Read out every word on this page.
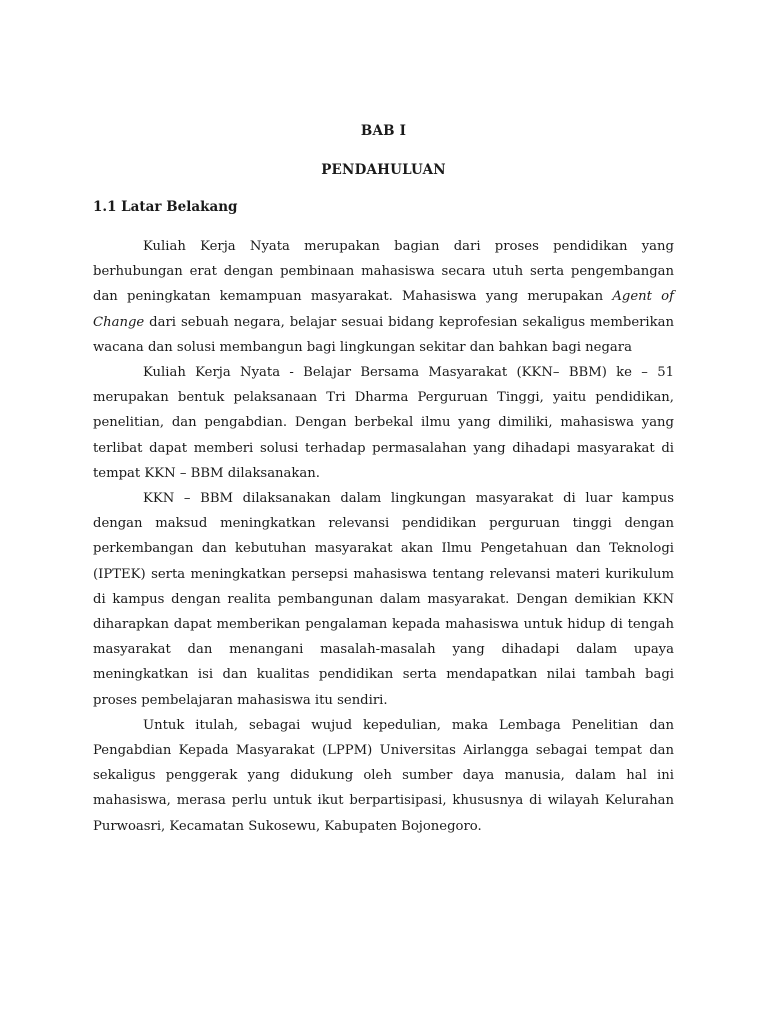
BAB I

PENDAHULUAN

1.1 Latar Belakang

Kuliah Kerja Nyata merupakan bagian dari proses pendidikan yang berhubungan erat dengan pembinaan mahasiswa secara utuh serta pengembangan dan peningkatan kemampuan masyarakat. Mahasiswa yang merupakan Agent of Change dari sebuah negara, belajar sesuai bidang keprofesian sekaligus memberikan wacana dan solusi membangun bagi lingkungan sekitar dan bahkan bagi negara

Kuliah Kerja Nyata - Belajar Bersama Masyarakat (KKN– BBM) ke – 51 merupakan bentuk pelaksanaan Tri Dharma Perguruan Tinggi, yaitu pendidikan, penelitian, dan pengabdian. Dengan berbekal ilmu yang dimiliki, mahasiswa yang terlibat dapat memberi solusi terhadap permasalahan yang dihadapi masyarakat di tempat KKN – BBM dilaksanakan.

KKN – BBM dilaksanakan dalam lingkungan masyarakat di luar kampus dengan maksud meningkatkan relevansi pendidikan perguruan tinggi dengan perkembangan dan kebutuhan masyarakat akan Ilmu Pengetahuan dan Teknologi (IPTEK) serta meningkatkan persepsi mahasiswa tentang relevansi materi kurikulum di kampus dengan realita pembangunan dalam masyarakat. Dengan demikian KKN diharapkan dapat memberikan pengalaman kepada mahasiswa untuk hidup di tengah masyarakat dan menangani masalah-masalah yang dihadapi dalam upaya meningkatkan isi dan kualitas pendidikan serta mendapatkan nilai tambah bagi proses pembelajaran mahasiswa itu sendiri.

Untuk itulah, sebagai wujud kepedulian, maka Lembaga Penelitian dan Pengabdian Kepada Masyarakat (LPPM) Universitas Airlangga sebagai tempat dan sekaligus penggerak yang didukung oleh sumber daya manusia, dalam hal ini mahasiswa, merasa perlu untuk ikut berpartisipasi, khususnya di wilayah Kelurahan Purwoasri, Kecamatan Sukosewu, Kabupaten Bojonegoro.
